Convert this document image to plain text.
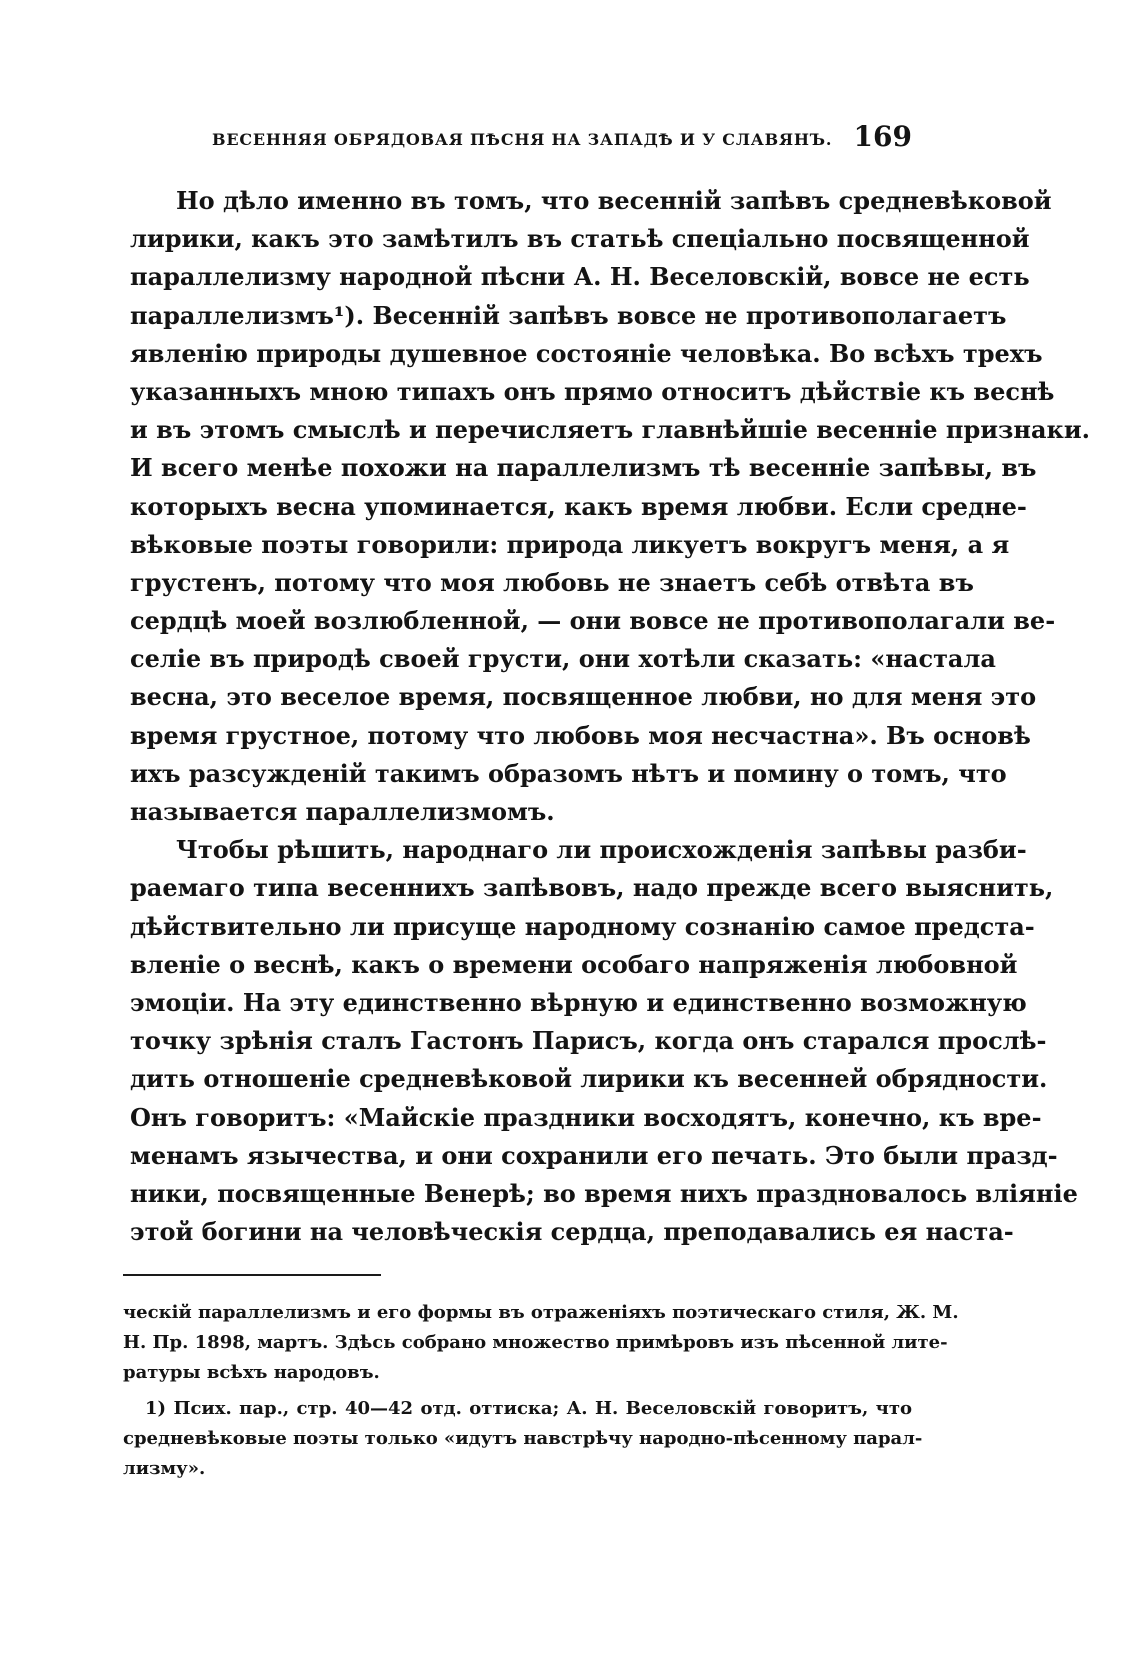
ВЕСЕННЯЯ ОБРЯДОВАЯ ПѢСНЯ НА ЗАПАДѢ И У СЛАВЯНЪ. 169
Но дѣло именно въ томъ, что весенній запѣвъ средневѣковой
лирики, какъ это замѣтилъ въ статьѣ спеціально посвященной
параллелизму народной пѣсни А. Н. Веселовскій, вовсе не есть
параллелизмъ¹). Весенній запѣвъ вовсе не противополагаетъ
явленію природы душевное состояніе человѣка. Во всѣхъ трехъ
указанныхъ мною типахъ онъ прямо относитъ дѣйствіе къ веснѣ
и въ этомъ смыслѣ и перечисляетъ главнѣйшіе весенніе признаки.
И всего менѣе похожи на параллелизмъ тѣ весенніе запѣвы, въ
которыхъ весна упоминается, какъ время любви. Если средне-
вѣковые поэты говорили: природа ликуетъ вокругъ меня, а я
грустенъ, потому что моя любовь не знаетъ себѣ отвѣта въ
сердцѣ моей возлюбленной, — они вовсе не противополагали ве-
селіе въ природѣ своей грусти, они хотѣли сказать: «настала
весна, это веселое время, посвященное любви, но для меня это
время грустное, потому что любовь моя несчастна». Въ основѣ
ихъ разсужденій такимъ образомъ нѣтъ и помину о томъ, что
называется параллелизмомъ.
Чтобы рѣшить, народнаго ли происхожденія запѣвы разби-
раемаго типа весеннихъ запѣвовъ, надо прежде всего выяснить,
дѣйствительно ли присуще народному сознанію самое предста-
вленіе о веснѣ, какъ о времени особаго напряженія любовной
эмоціи. На эту единственно вѣрную и единственно возможную
точку зрѣнія сталъ Гастонъ Парисъ, когда онъ старался прослѣ-
дить отношеніе средневѣковой лирики къ весенней обрядности.
Онъ говоритъ: «Майскіе праздники восходятъ, конечно, къ вре-
менамъ язычества, и они сохранили его печать. Это были празд-
ники, посвященные Венерѣ; во время нихъ праздновалось вліяніе
этой богини на человѣческія сердца, преподавались ея наста-
ческій параллелизмъ и его формы въ отраженіяхъ поэтическаго стиля, Ж. М.
Н. Пр. 1898, мартъ. Здѣсь собрано множество примѣровъ изъ пѣсенной лите-
ратуры всѣхъ народовъ.
1) Псих. пар., стр. 40—42 отд. оттиска; А. Н. Веселовскій говоритъ, что
средневѣковые поэты только «идутъ навстрѣчу народно-пѣсенному парал-
лизму».
